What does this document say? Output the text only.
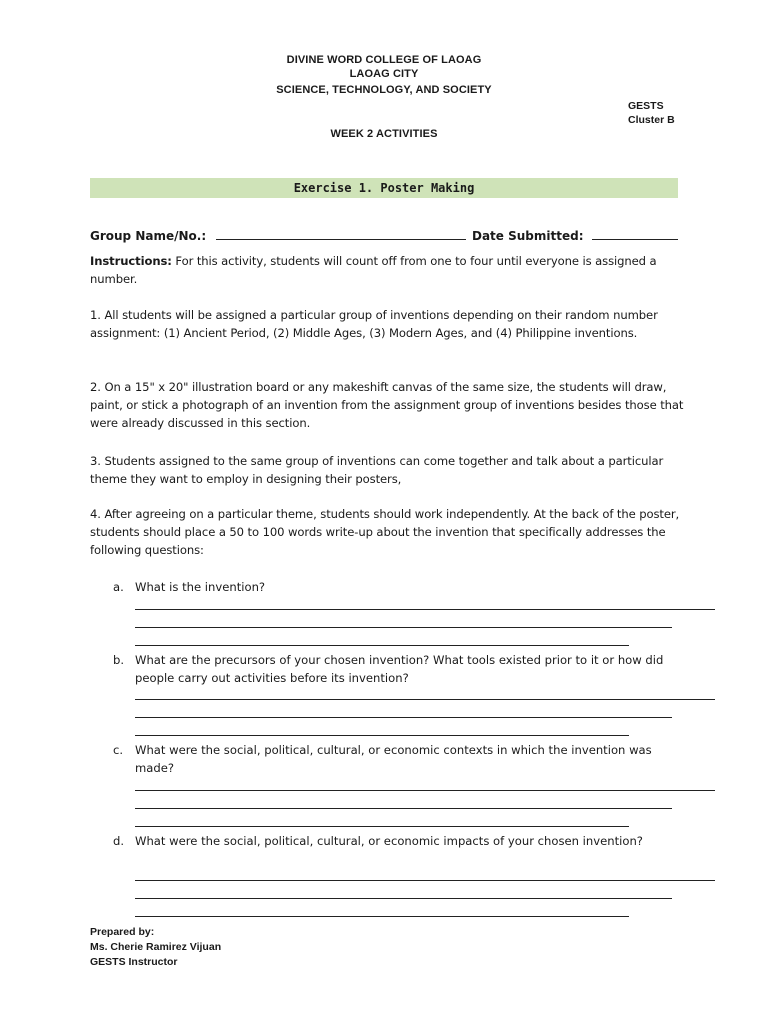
DIVINE WORD COLLEGE OF LAOAG
LAOAG CITY
SCIENCE, TECHNOLOGY, AND SOCIETY
GESTS
Cluster B
WEEK 2 ACTIVITIES
Exercise 1. Poster Making
Group Name/No.:	Date Submitted:
Instructions: For this activity, students will count off from one to four until everyone is assigned a number.
1. All students will be assigned a particular group of inventions depending on their random number assignment: (1) Ancient Period, (2) Middle Ages, (3) Modern Ages, and (4) Philippine inventions.
2. On a 15" x 20" illustration board or any makeshift canvas of the same size, the students will draw, paint, or stick a photograph of an invention from the assignment group of inventions besides those that were already discussed in this section.
3. Students assigned to the same group of inventions can come together and talk about a particular theme they want to employ in designing their posters,
4. After agreeing on a particular theme, students should work independently. At the back of the poster, students should place a 50 to 100 words write-up about the invention that specifically addresses the following questions:
a. What is the invention?
b. What are the precursors of your chosen invention? What tools existed prior to it or how did people carry out activities before its invention?
c. What were the social, political, cultural, or economic contexts in which the invention was made?
d. What were the social, political, cultural, or economic impacts of your chosen invention?
Prepared by:
Ms. Cherie Ramirez Vijuan
GESTS Instructor
